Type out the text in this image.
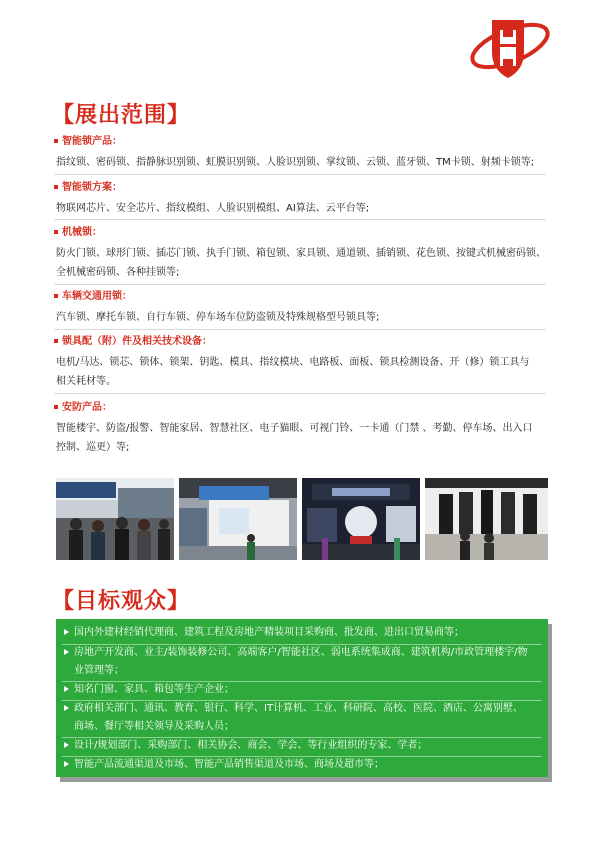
【展出范围】
智能锁产品：
指纹锁、密码锁、指静脉识别锁、虹膜识别锁、人脸识别锁、掌纹锁、云锁、蓝牙锁、TM卡锁、射频卡锁等;
智能锁方案：
物联网芯片、安全芯片、指纹模组、人脸识别模组、AI算法、云平台等;
机械锁：
防火门锁、球形门锁、插芯门锁、执手门锁、箱包锁、家具锁、通道锁、插销锁、花色锁、按键式机械密码锁、
全机械密码锁、各种挂锁等;
车辆交通用锁：
汽车锁、摩托车锁、自行车锁、停车场车位防盗锁及特殊规格型号锁具等;
锁具配（附）件及相关技术设备：
电机/马达、锁芯、锁体、锁架、钥匙、模具、指纹模块、电路板、面板、锁具检测设备、开（修）锁工具与
相关耗材等。
安防产品：
智能楼宇、防盗/报警、智能家居、智慧社区、电子猫眼、可视门铃、一卡通（门禁 、考勤、停车场、出入口
控制、巡更）等;
【目标观众】
国内外建材经销代理商、建筑工程及房地产精装项目采购商、批发商、进出口贸易商等；
房地产开发商、业主/装饰装修公司、高端客户/智能社区、弱电系统集成商、建筑机构/市政管理楼宇/物
业管理等；
知名门窗、家具、箱包等生产企业；
政府相关部门、通讯、教育、银行、科学、IT计算机、工业、科研院、高校、医院、酒店、公寓别墅、
商场、餐厅等相关领导及采购人员；
设计/规划部门、采购部门、相关协会、商会、学会、等行业组织的专家、学者；
智能产品流通渠道及市场、智能产品销售渠道及市场、商场及超市等；
